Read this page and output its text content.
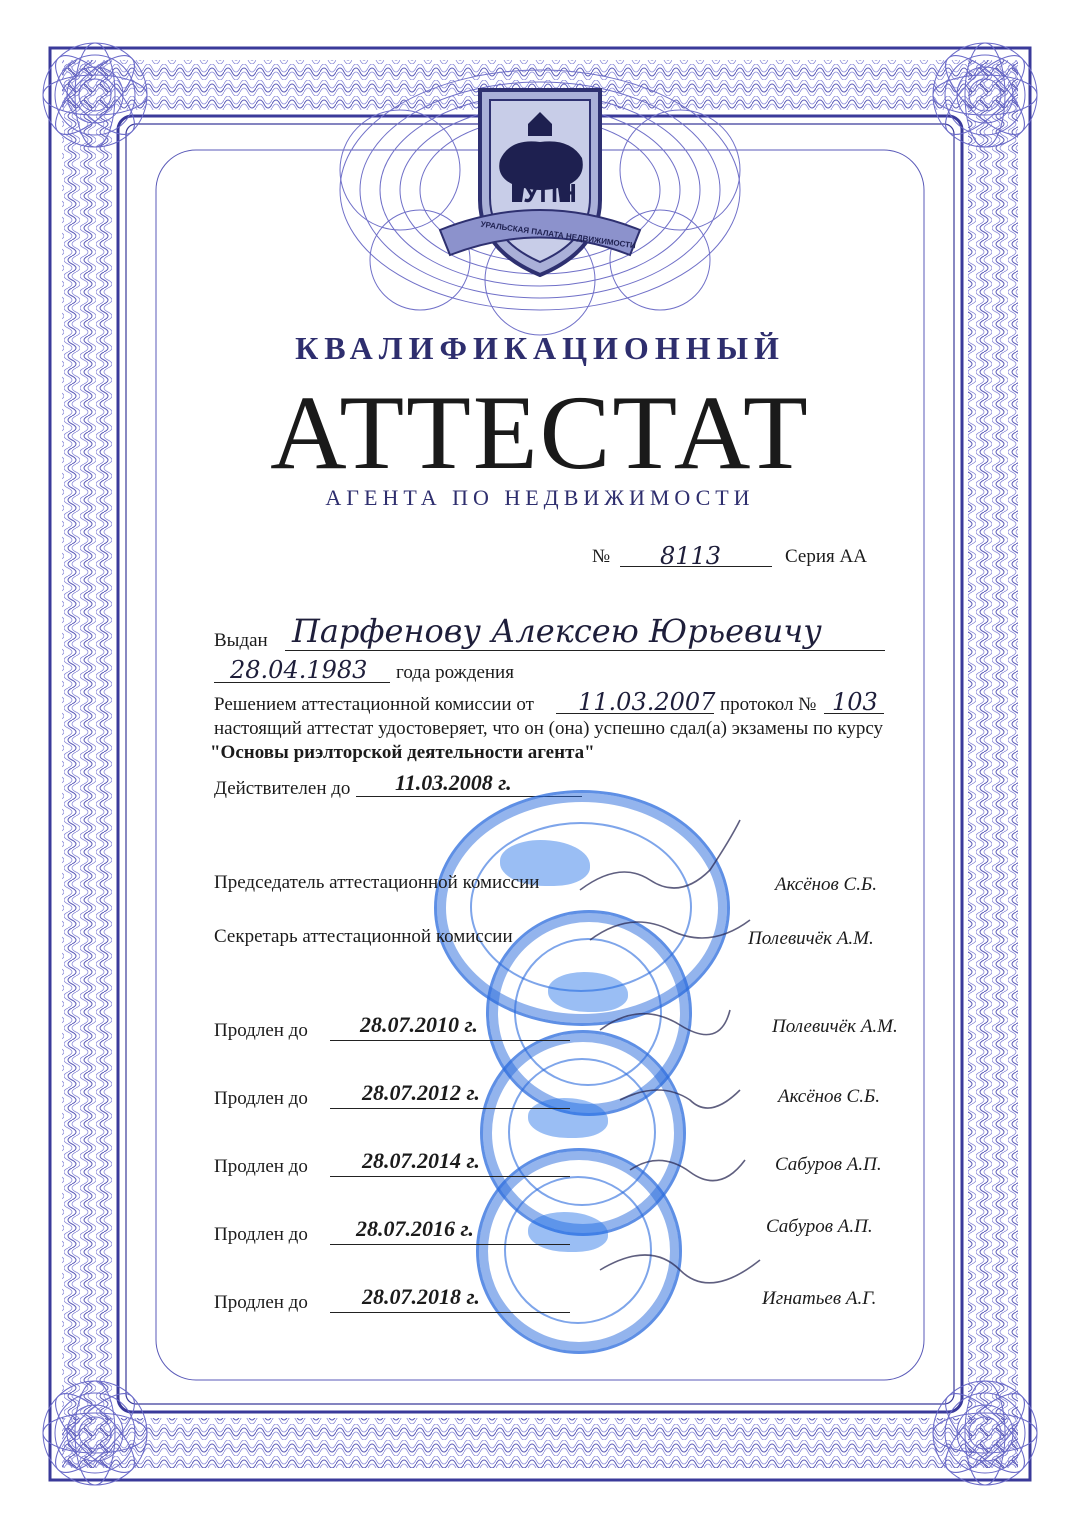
УПН
УРАЛЬСКАЯ ПАЛАТА НЕДВИЖИМОСТИ
КВАЛИФИКАЦИОННЫЙ
АТТЕСТАТ
АГЕНТА ПО НЕДВИЖИМОСТИ
№ 8113	Серия АА
Выдан Парфенову Алексею Юрьевичу
28.04.1983 года рождения
Решением аттестационной комиссии от 11.03.2007 протокол № 103
настоящий аттестат удостоверяет, что он (она) успешно сдал(а) экзамены по курсу
"Основы риэлторской деятельности агента"
Действителен до 11.03.2008 г.
Председатель аттестационной комиссии	Аксёнов С.Б.
Секретарь аттестационной комиссии	Полевичёк А.М.
Продлен до 28.07.2010 г.	Полевичёк А.М.
Продлен до 28.07.2012 г.	Аксёнов С.Б.
Продлен до 28.07.2014 г.	Сабуров А.П.
Продлен до 28.07.2016 г.	Сабуров А.П.
Продлен до 28.07.2018 г.	Игнатьев А.Г.
